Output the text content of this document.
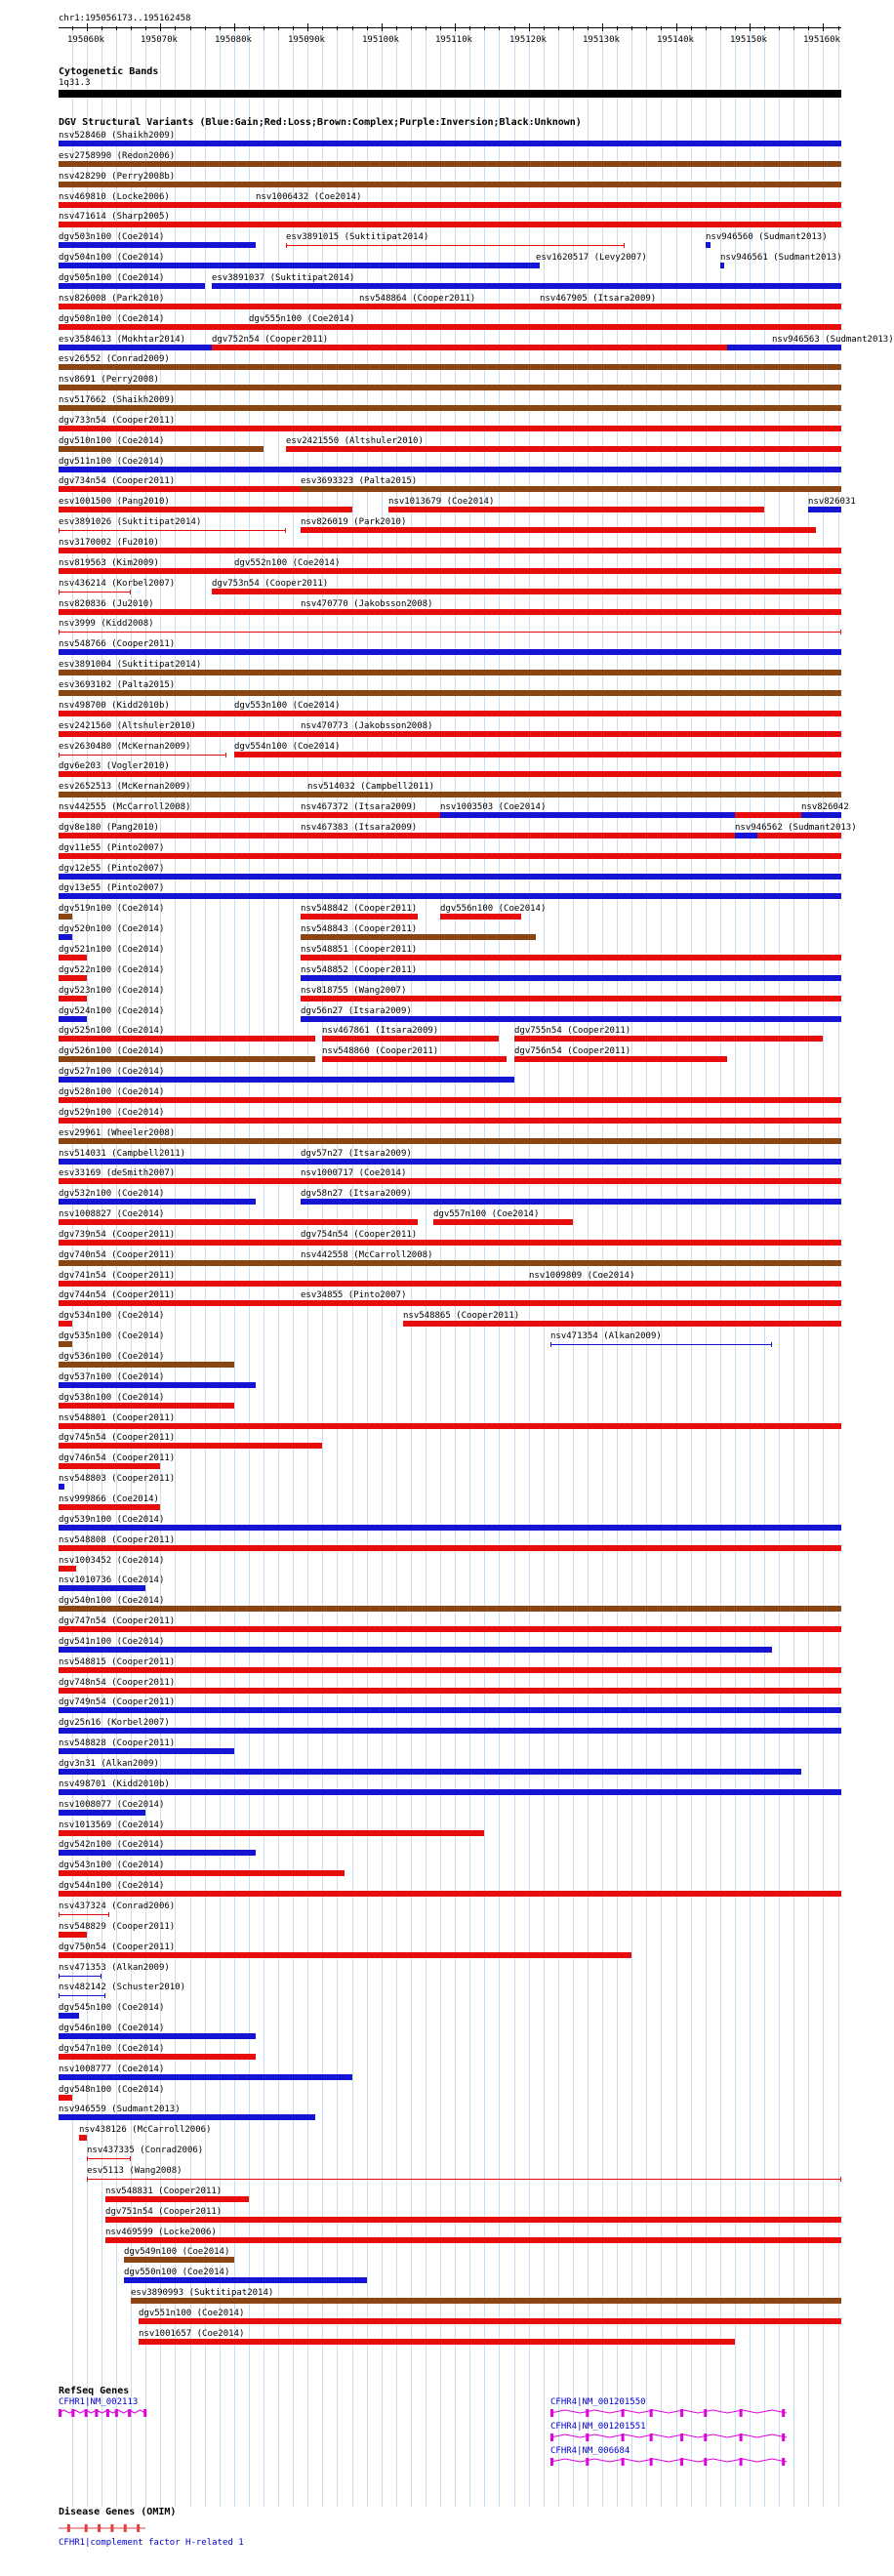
chr1:195056173..195162458
195060k	195070k	195080k	195090k	195100k	195110k	195120k	195130k	195140k	195150k	195160k
Cytogenetic Bands
1q31.3
DGV Structural Variants (Blue:Gain;Red:Loss;Brown:Complex;Purple:Inversion;Black:Unknown)
nsv528460 (Shaikh2009)
esv2758990 (Redon2006)
nsv428290 (Perry2008b)
nsv469810 (Locke2006)	nsv1006432 (Coe2014)
nsv471614 (Sharp2005)
dgv503n100 (Coe2014)	esv3891015 (Suktitipat2014)	nsv946560 (Sudmant2013)
dgv504n100 (Coe2014)	esv1620517 (Levy2007)	nsv946561 (Sudmant2013)
dgv505n100 (Coe2014)	esv3891037 (Suktitipat2014)
nsv826008 (Park2010)	nsv548864 (Cooper2011)	nsv467905 (Itsara2009)
dgv508n100 (Coe2014)	dgv555n100 (Coe2014)
esv3584613 (Mokhtar2014)	dgv752n54 (Cooper2011)	nsv946563 (Sudmant2013)
esv26552 (Conrad2009)
nsv8691 (Perry2008)
nsv517662 (Shaikh2009)
dgv733n54 (Cooper2011)
dgv510n100 (Coe2014)	esv2421550 (Altshuler2010)
dgv511n100 (Coe2014)
dgv734n54 (Cooper2011)	esv3693323 (Palta2015)
esv1001500 (Pang2010)	nsv1013679 (Coe2014)	nsv826031
esv3891026 (Suktitipat2014)	nsv826019 (Park2010)
nsv3170002 (Fu2010)
nsv819563 (Kim2009)	dgv552n100 (Coe2014)
nsv436214 (Korbel2007)	dgv753n54 (Cooper2011)
nsv820836 (Ju2010)	nsv470770 (Jakobsson2008)
nsv3999 (Kidd2008)
nsv548766 (Cooper2011)
esv3891004 (Suktitipat2014)
esv3693102 (Palta2015)
nsv498700 (Kidd2010b)	dgv553n100 (Coe2014)
esv2421560 (Altshuler2010)	nsv470773 (Jakobsson2008)
esv2630480 (McKernan2009)	dgv554n100 (Coe2014)
dgv6e203 (Vogler2010)
esv2652513 (McKernan2009)	nsv514032 (Campbell2011)
nsv442555 (McCarroll2008)	nsv467372 (Itsara2009)	nsv1003503 (Coe2014)	nsv826042
dgv8e180 (Pang2010)	nsv467383 (Itsara2009)	nsv946562 (Sudmant2013)
dgv11e55 (Pinto2007)
dgv12e55 (Pinto2007)
dgv13e55 (Pinto2007)
dgv519n100 (Coe2014)	nsv548842 (Cooper2011)	dgv556n100 (Coe2014)
dgv520n100 (Coe2014)	nsv548843 (Cooper2011)
dgv521n100 (Coe2014)	nsv548851 (Cooper2011)
dgv522n100 (Coe2014)	nsv548852 (Cooper2011)
dgv523n100 (Coe2014)	nsv818755 (Wang2007)
dgv524n100 (Coe2014)	dgv56n27 (Itsara2009)
dgv525n100 (Coe2014)	nsv467861 (Itsara2009)	dgv755n54 (Cooper2011)
dgv526n100 (Coe2014)	nsv548860 (Cooper2011)	dgv756n54 (Cooper2011)
dgv527n100 (Coe2014)
dgv528n100 (Coe2014)
dgv529n100 (Coe2014)
esv29961 (Wheeler2008)
nsv514031 (Campbell2011)	dgv57n27 (Itsara2009)
esv33169 (deSmith2007)	nsv1000717 (Coe2014)
dgv532n100 (Coe2014)	dgv58n27 (Itsara2009)
nsv1008827 (Coe2014)	dgv557n100 (Coe2014)
dgv739n54 (Cooper2011)	dgv754n54 (Cooper2011)
dgv740n54 (Cooper2011)	nsv442558 (McCarroll2008)
dgv741n54 (Cooper2011)	nsv1009809 (Coe2014)
dgv744n54 (Cooper2011)	esv34855 (Pinto2007)
dgv534n100 (Coe2014)	nsv548865 (Cooper2011)
dgv535n100 (Coe2014)	nsv471354 (Alkan2009)
dgv536n100 (Coe2014)
dgv537n100 (Coe2014)
dgv538n100 (Coe2014)
nsv548801 (Cooper2011)
dgv745n54 (Cooper2011)
dgv746n54 (Cooper2011)
nsv548803 (Cooper2011)
nsv999866 (Coe2014)
dgv539n100 (Coe2014)
nsv548808 (Cooper2011)
nsv1003452 (Coe2014)
nsv1010736 (Coe2014)
dgv540n100 (Coe2014)
dgv747n54 (Cooper2011)
dgv541n100 (Coe2014)
nsv548815 (Cooper2011)
dgv748n54 (Cooper2011)
dgv749n54 (Cooper2011)
dgv25n16 (Korbel2007)
nsv548828 (Cooper2011)
dgv3n31 (Alkan2009)
nsv498701 (Kidd2010b)
nsv1008077 (Coe2014)
nsv1013569 (Coe2014)
dgv542n100 (Coe2014)
dgv543n100 (Coe2014)
dgv544n100 (Coe2014)
nsv437324 (Conrad2006)
nsv548829 (Cooper2011)
dgv750n54 (Cooper2011)
nsv471353 (Alkan2009)
nsv482142 (Schuster2010)
dgv545n100 (Coe2014)
dgv546n100 (Coe2014)
dgv547n100 (Coe2014)
nsv1008777 (Coe2014)
dgv548n100 (Coe2014)
nsv946559 (Sudmant2013)
nsv438126 (McCarroll2006)
nsv437335 (Conrad2006)
esv5113 (Wang2008)
nsv548831 (Cooper2011)
dgv751n54 (Cooper2011)
nsv469599 (Locke2006)
dgv549n100 (Coe2014)
dgv550n100 (Coe2014)
esv3890993 (Suktitipat2014)
dgv551n100 (Coe2014)
nsv1001657 (Coe2014)
RefSeq Genes
CFHR1|NM_002113	CFHR4|NM_001201550
CFHR4|NM_001201551
CFHR4|NM_006684
Disease Genes (OMIM)
CFHR1|complement factor H-related 1
